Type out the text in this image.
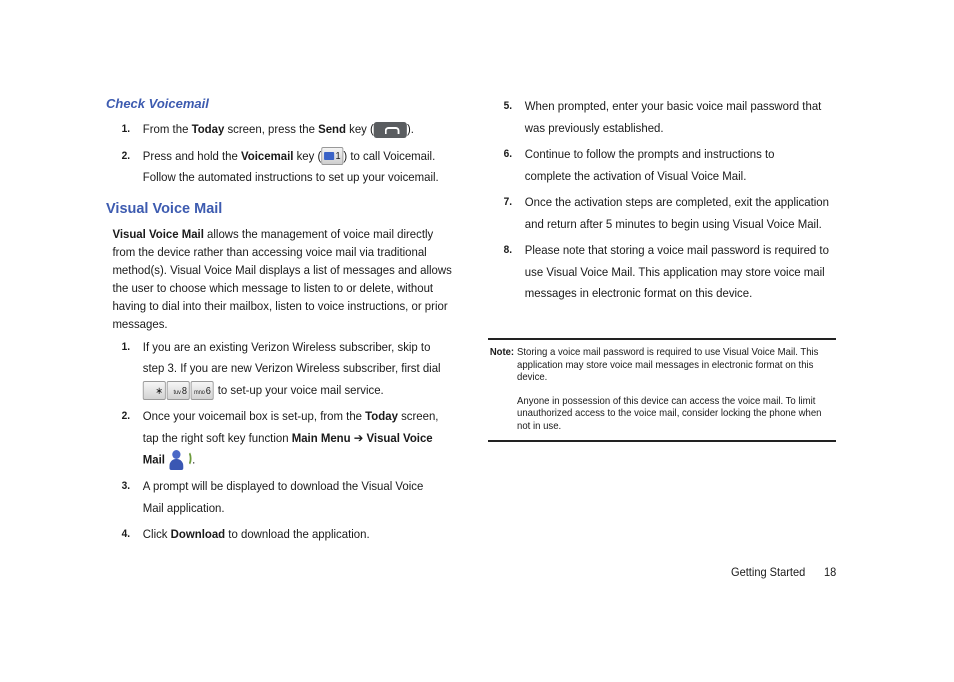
Check Voicemail
1. From the Today screen, press the Send key (	).
2. Press and hold the Voicemail key ( 1 ) to call Voicemail.
Follow the automated instructions to set up your voicemail.
Visual Voice Mail
Visual Voice Mail allows the management of voice mail directly from the device rather than accessing voice mail via traditional method(s). Visual Voice Mail displays a list of messages and allows the user to choose which message to listen to or delete, without having to dial into their mailbox, listen to voice instructions, or prior messages.
1. If you are an existing Verizon Wireless subscriber, skip to
step 3. If you are new Verizon Wireless subscriber, first dial
∗ tuv8 mno6 to set-up your voice mail service.
2. Once your voicemail box is set-up, from the Today screen,
tap the right soft key function Main Menu ➔ Visual Voice
Mail .
3. A prompt will be displayed to download the Visual Voice
Mail application.
4. Click Download to download the application.
5. When prompted, enter your basic voice mail password that was previously established.
6. Continue to follow the prompts and instructions to complete the activation of Visual Voice Mail.
7. Once the activation steps are completed, exit the application and return after 5 minutes to begin using Visual Voice Mail.
8. Please note that storing a voice mail password is required to use Visual Voice Mail. This application may store voice mail messages in electronic format on this device.
Note: Storing a voice mail password is required to use Visual Voice Mail. This application may store voice mail messages in electronic format on this device.

Anyone in possession of this device can access the voice mail. To limit unauthorized access to the voice mail, consider locking the phone when not in use.

Getting Started 18
